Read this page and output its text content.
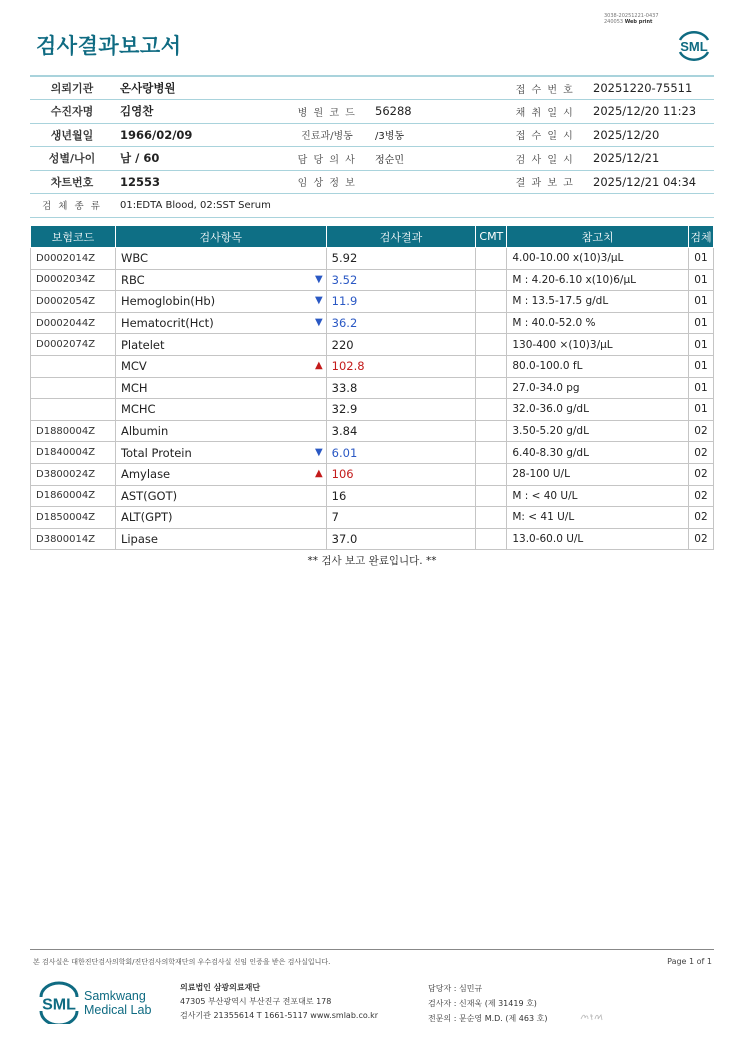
검사결과보고서
3038-20251221-0437
240053 Web print
SML
의뢰기관	온사랑병원			접 수 번 호	20251220-75511
수진자명	김영찬	병 원 코 드	56288	채 취 일 시	2025/12/20 11:23
생년월일	1966/02/09	진료과/병동	/3병동	접 수 일 시	2025/12/20
성별/나이	남 / 60	담 당 의 사	정순민	검 사 일 시	2025/12/21
차트번호	12553	임 상 정 보		결 과 보 고	2025/12/21 04:34
검 체 종 류	01:EDTA Blood, 02:SST Serum				
보험코드	검사항목	검사결과	CMT	참고치	검체
D0002014Z	WBC	5.92		4.00-10.00 x(10)3/μL	01
D0002034Z	RBC ▼	3.52		M : 4.20-6.10 x(10)6/μL	01
D0002054Z	Hemoglobin(Hb) ▼	11.9		M : 13.5-17.5 g/dL	01
D0002044Z	Hematocrit(Hct) ▼	36.2		M : 40.0-52.0 %	01
D0002074Z	Platelet	220		130-400 ×(10)3/μL	01
	MCV ▲	102.8		80.0-100.0 fL	01
	MCH	33.8		27.0-34.0 pg	01
	MCHC	32.9		32.0-36.0 g/dL	01
D1880004Z	Albumin	3.84		3.50-5.20 g/dL	02
D1840004Z	Total Protein ▼	6.01		6.40-8.30 g/dL	02
D3800024Z	Amylase ▲	106		28-100 U/L	02
D1860004Z	AST(GOT)	16		M : < 40 U/L	02
D1850004Z	ALT(GPT)	7		M: < 41 U/L	02
D3800014Z	Lipase	37.0		13.0-60.0 U/L	02
** 검사 보고 완료입니다. **
본 검사실은 대한진단검사의학회/진단검사의학재단의 우수검사실 신임 인증을 받은 검사실입니다.	Page 1 of 1
SML
Samkwang
Medical Lab
의료법인 삼광의료재단
47305 부산광역시 부산진구 전포대로 178
검사기관 21355614 T 1661-5117 www.smlab.co.kr
담당자 : 심민규
검사자 : 신재욱 (제 31419 호)
전문의 : 문순영 M.D. (제 463 호)
